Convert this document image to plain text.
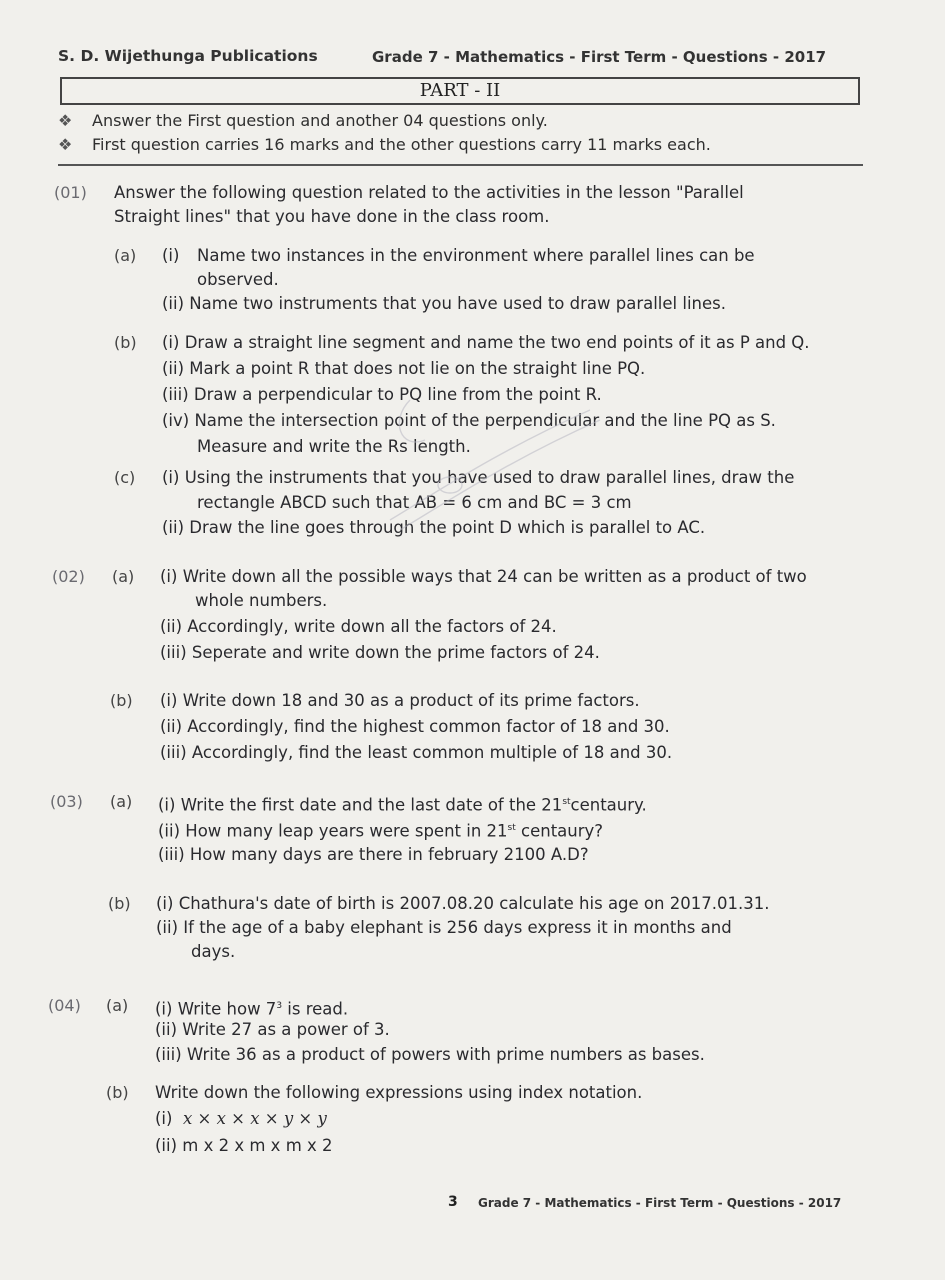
S. D. Wijethunga Publications	Grade 7 - Mathematics - First Term - Questions - 2017
PART - II
❖ Answer the First question and another 04 questions only.
❖ First question carries 16 marks and the other questions carry 11 marks each.
(01) Answer the following question related to the activities in the lesson "Parallel
Straight lines" that you have done in the class room.
(a) (i) Name two instances in the environment where parallel lines can be
observed.
(ii) Name two instruments that you have used to draw parallel lines.
(b) (i) Draw a straight line segment and name the two end points of it as P and Q.
(ii) Mark a point R that does not lie on the straight line PQ.
(iii) Draw a perpendicular to PQ line from the point R.
(iv) Name the intersection point of the perpendicular and the line PQ as S.
Measure and write the Rs length.
(c) (i) Using the instruments that you have used to draw parallel lines, draw the
rectangle ABCD such that AB = 6 cm and BC = 3 cm
(ii) Draw the line goes through the point D which is parallel to AC.
(02) (a) (i) Write down all the possible ways that 24 can be written as a product of two
whole numbers.
(ii) Accordingly, write down all the factors of 24.
(iii) Seperate and write down the prime factors of 24.
(b) (i) Write down 18 and 30 as a product of its prime factors.
(ii) Accordingly, find the highest common factor of 18 and 30.
(iii) Accordingly, find the least common multiple of 18 and 30.
(03) (a) (i) Write the first date and the last date of the 21stcentaury.
(ii) How many leap years were spent in 21st centaury?
(iii) How many days are there in february 2100 A.D?
(b) (i) Chathura's date of birth is 2007.08.20 calculate his age on 2017.01.31.
(ii) If the age of a baby elephant is 256 days express it in months and
days.
(04) (a) (i) Write how $7^3$ is read.
(ii) Write 27 as a power of 3.
(iii) Write 36 as a product of powers with prime numbers as bases.
(b) Write down the following expressions using index notation.
(i) x × x × x × y × y
(ii) m x 2 x m x m x 2
3 Grade 7 - Mathematics - First Term - Questions - 2017
